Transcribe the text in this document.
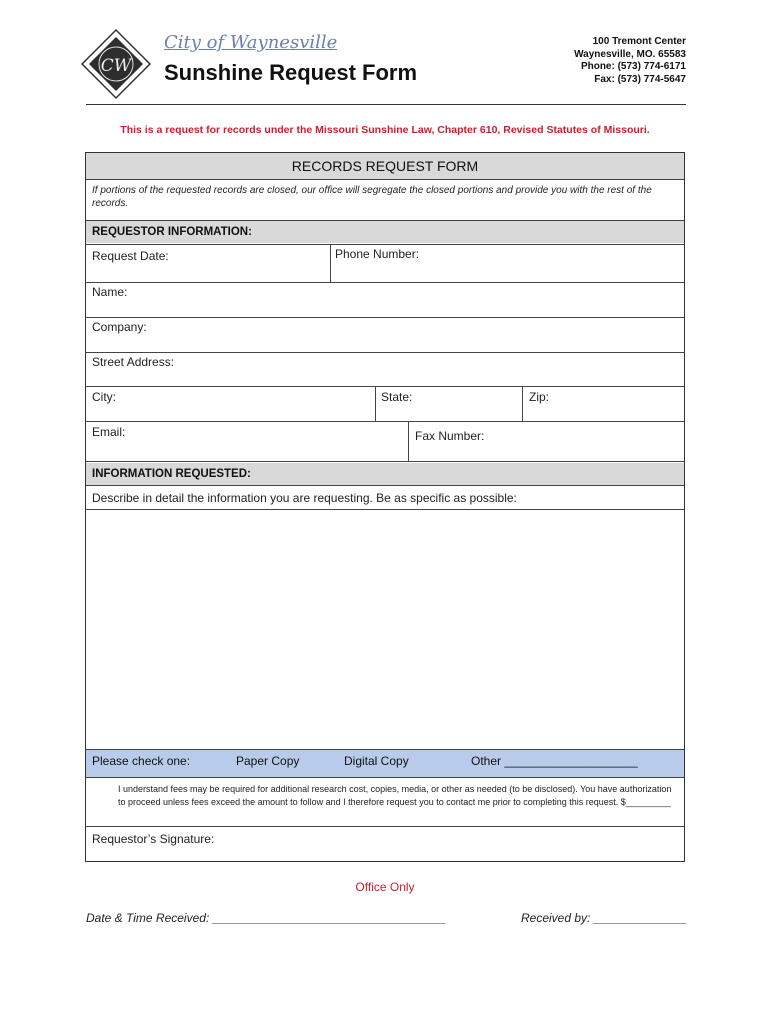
CW
City of Waynesville
Sunshine Request Form
100 Tremont Center
Waynesville, MO. 65583
Phone: (573) 774-6171
Fax: (573) 774-5647
This is a request for records under the Missouri Sunshine Law, Chapter 610, Revised Statutes of Missouri.
RECORDS REQUEST FORM
If portions of the requested records are closed, our office will segregate the closed portions and provide you with the rest of the records.
REQUESTOR INFORMATION:
Request Date:	Phone Number:
Name:
Company:
Street Address:
City:	State:	Zip:
Email:	Fax Number:
INFORMATION REQUESTED:
Describe in detail the information you are requesting. Be as specific as possible:
Please check one:	Paper Copy	Digital Copy	Other ____________________
I understand fees may be required for additional research cost, copies, media, or other as needed (to be disclosed). You have authorization to proceed unless fees exceed the amount to follow and I therefore request you to contact me prior to completing this request. $_________
Requestor’s Signature:
Office Only
Date & Time Received: ___________________________________	Received by: ______________
